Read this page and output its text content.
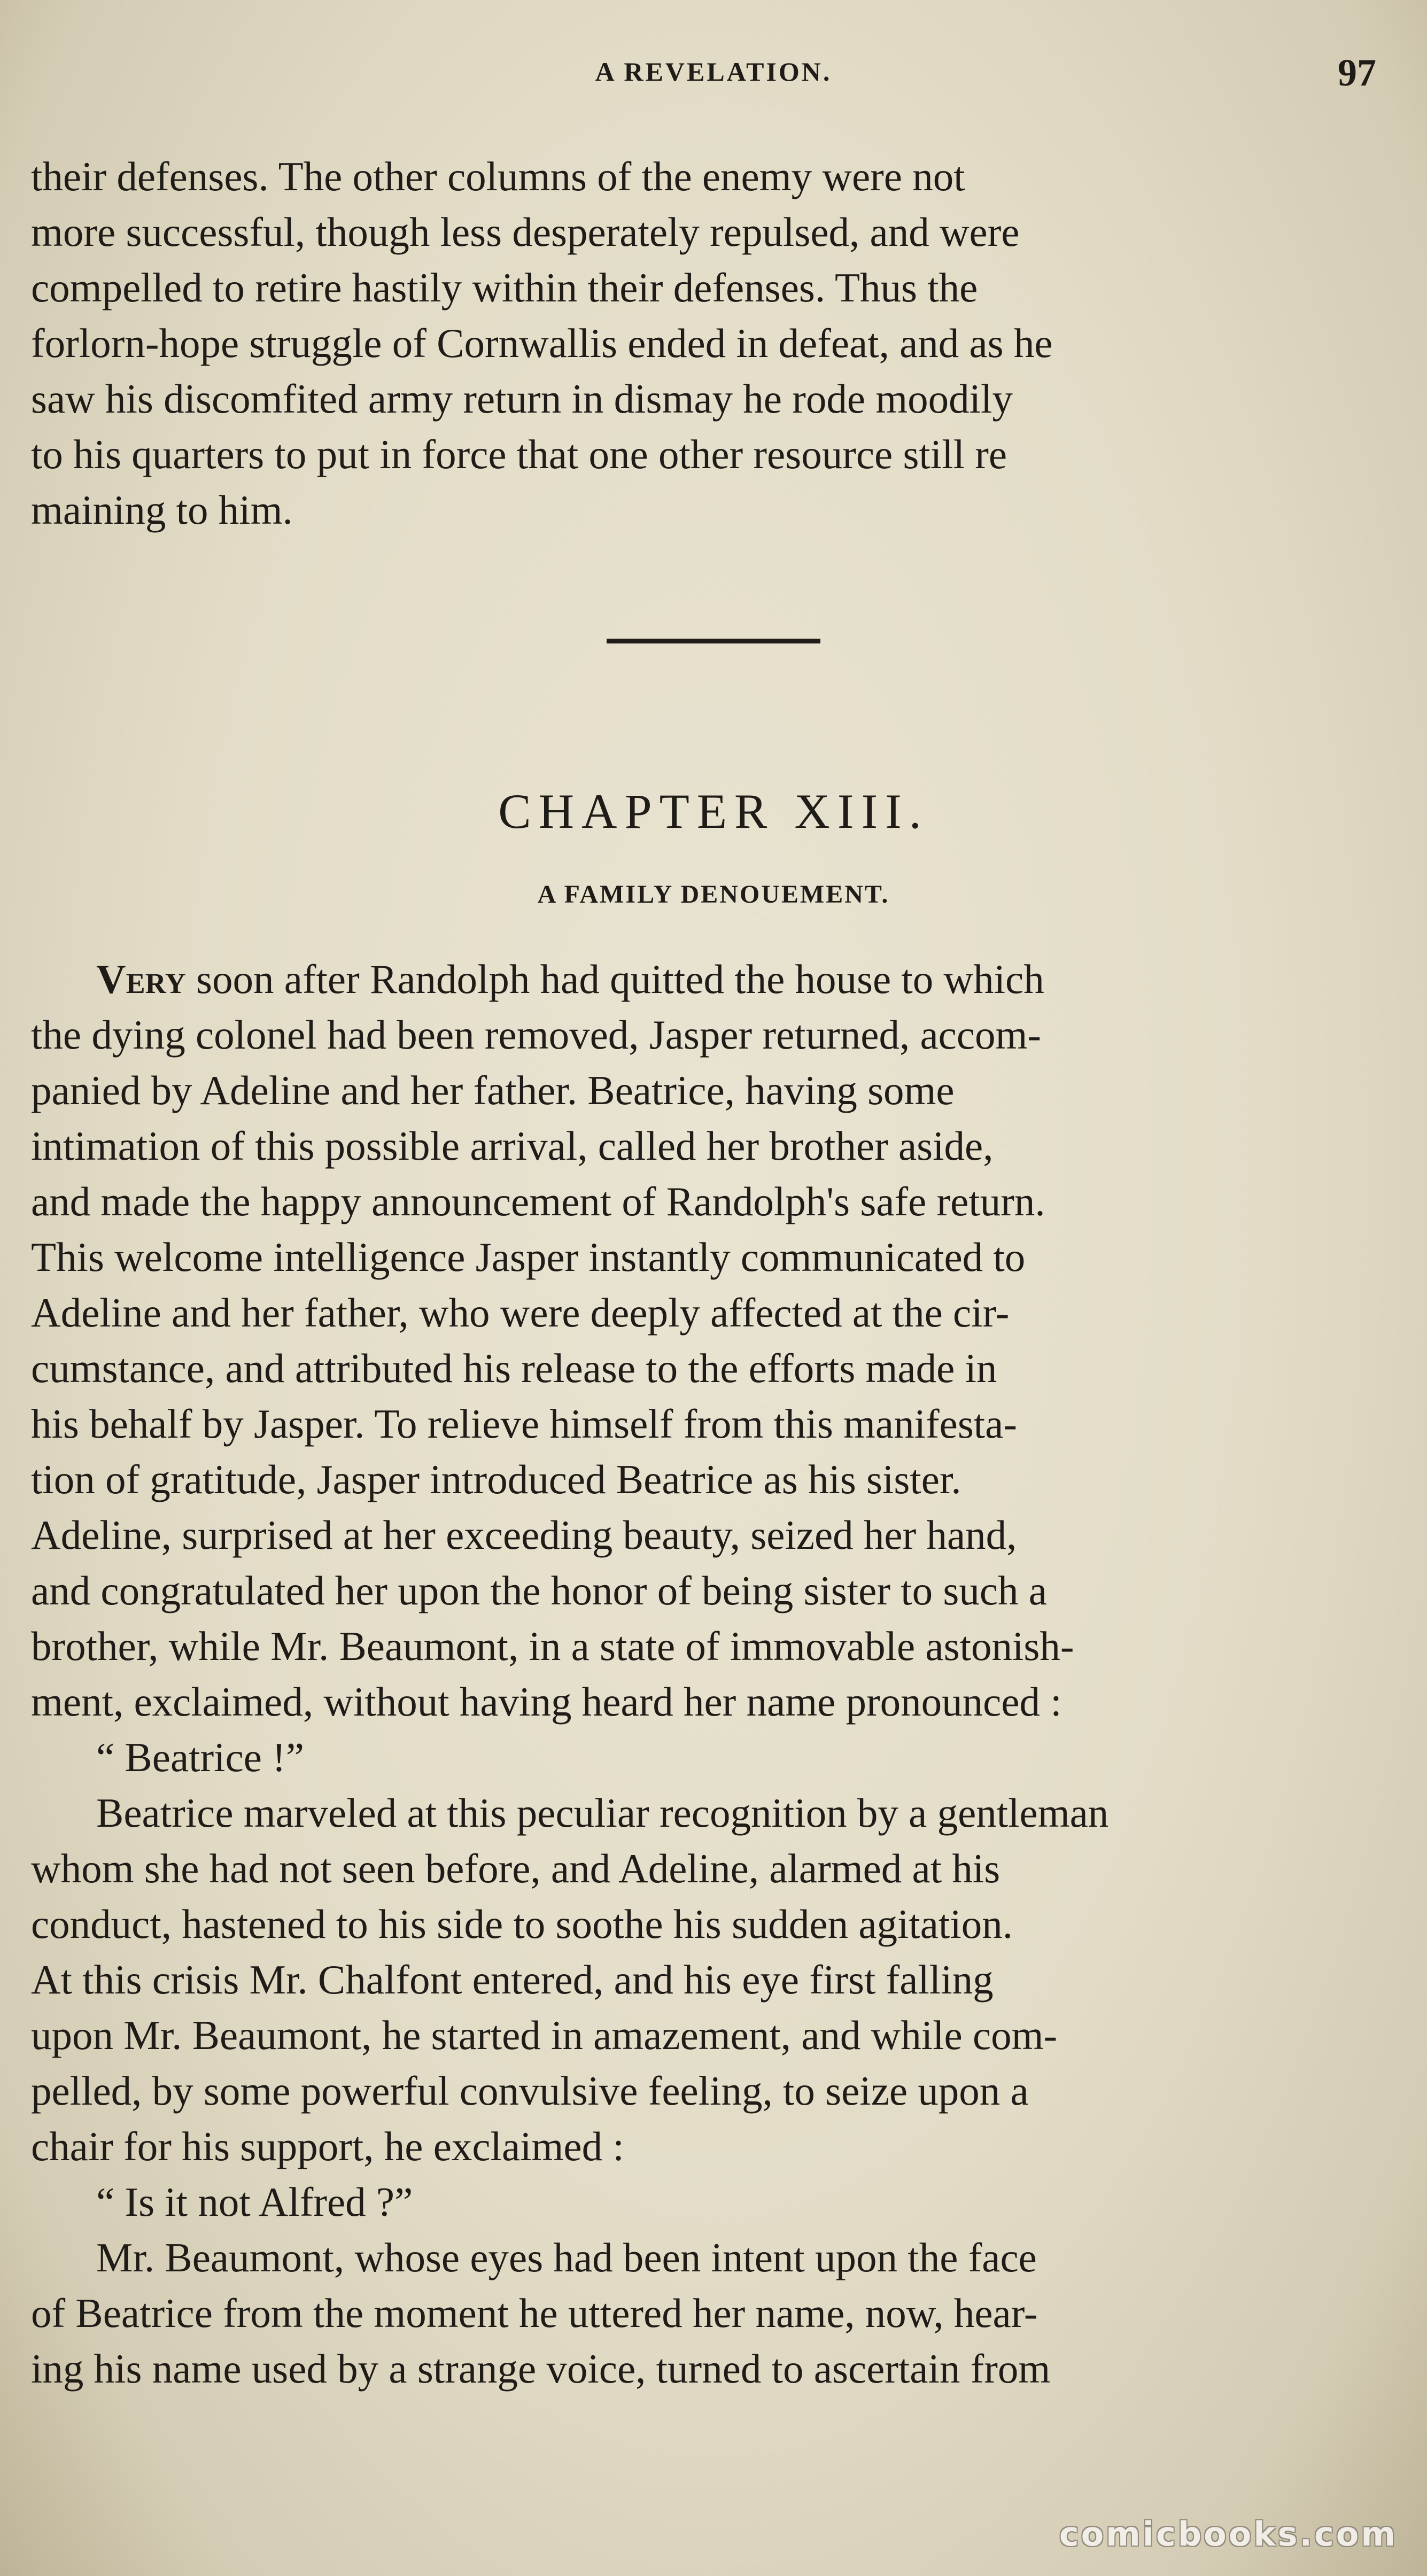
A REVELATION.	97

their defenses. The other columns of the enemy were not
more successful, though less desperately repulsed, and were
compelled to retire hastily within their defenses. Thus the
forlorn-hope struggle of Cornwallis ended in defeat, and as he
saw his discomfited army return in dismay he rode moodily
to his quarters to put in force that one other resource still re
maining to him.

CHAPTER XIII.
A FAMILY DENOUEMENT.

Very soon after Randolph had quitted the house to which
the dying colonel had been removed, Jasper returned, accom-
panied by Adeline and her father. Beatrice, having some
intimation of this possible arrival, called her brother aside,
and made the happy announcement of Randolph's safe return.
This welcome intelligence Jasper instantly communicated to
Adeline and her father, who were deeply affected at the cir-
cumstance, and attributed his release to the efforts made in
his behalf by Jasper. To relieve himself from this manifesta-
tion of gratitude, Jasper introduced Beatrice as his sister.
Adeline, surprised at her exceeding beauty, seized her hand,
and congratulated her upon the honor of being sister to such a
brother, while Mr. Beaumont, in a state of immovable astonish-
ment, exclaimed, without having heard her name pronounced :

“ Beatrice !”

Beatrice marveled at this peculiar recognition by a gentleman
whom she had not seen before, and Adeline, alarmed at his
conduct, hastened to his side to soothe his sudden agitation.
At this crisis Mr. Chalfont entered, and his eye first falling
upon Mr. Beaumont, he started in amazement, and while com-
pelled, by some powerful convulsive feeling, to seize upon a
chair for his support, he exclaimed :

“ Is it not Alfred ?”

Mr. Beaumont, whose eyes had been intent upon the face
of Beatrice from the moment he uttered her name, now, hear-
ing his name used by a strange voice, turned to ascertain from

comicbooks.com
